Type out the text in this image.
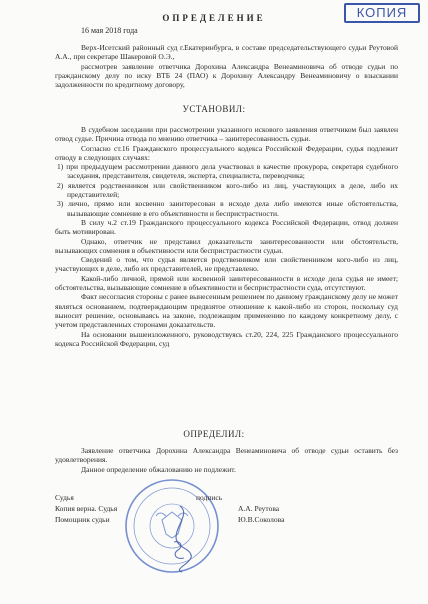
КОПИЯ
ОПРЕДЕЛЕНИЕ
16 мая 2018 года

Верх-Исетский районный суд г.Екатеринбурга, в составе председательствующего судьи Реутовой А.А., при секретаре Шакеровой О.Э.,

рассмотрев заявление ответчика Дорохина Александра Венеаминовича об отводе судьи по гражданскому делу по иску ВТБ 24 (ПАО) к Дорохину Александру Венеаминовичу о взыскании задолженности по кредитному договору,

УСТАНОВИЛ:

В судебном заседании при рассмотрении указанного искового заявления ответчиком был заявлен отвод судье. Причина отвода по мнению ответчика – заинтересованность судьи.

Согласно ст.16 Гражданского процессуального кодекса Российской Федерации, судья подлежит отводу в следующих случаях:

1) при предыдущем рассмотрении данного дела участвовал в качестве прокурора, секретаря судебного заседания, представителя, свидетеля, эксперта, специалиста, переводчика;

2) является родственником или свойственником кого-либо из лиц, участвующих в деле, либо их представителей;

3) лично, прямо или косвенно заинтересован в исходе дела либо имеются иные обстоятельства, вызывающие сомнение в его объективности и беспристрастности.

В силу ч.2 ст.19 Гражданского процессуального кодекса Российской Федерации, отвод должен быть мотивирован.

Однако, ответчик не представил доказательств заинтересованности или обстоятельств, вызывающих сомнения в объективности или беспристрастности судьи.

Сведений о том, что судья является родственником или свойственником кого-либо из лиц, участвующих в деле, либо их представителей, не представлено.

Какой-либо личной, прямой или косвенной заинтересованности в исходе дела судья не имеет; обстоятельства, вызывающие сомнение в объективности и беспристрастности суда, отсутствуют.

Факт несогласия стороны с ранее вынесенным решением по данному гражданскому делу не может являться основанием, подтверждающим предвзятое отношение к какой-либо из сторон, поскольку суд выносит решение, основываясь на законе, подлежащим применению по каждому конкретному делу, с учетом представленных сторонами доказательств.

На основании вышеизложенного, руководствуясь ст.20, 224, 225 Гражданского процессуального кодекса Российской Федерации, суд

ОПРЕДЕЛИЛ:

Заявление ответчика Дорохина Александра Венеаминовича об отводе судьи оставить без удовлетворения.

Данное определение обжалованию не подлежит.

Судья	подпись
Копия верна. Судья	А.А. Реутова
Помощник судьи	Ю.В.Соколова
